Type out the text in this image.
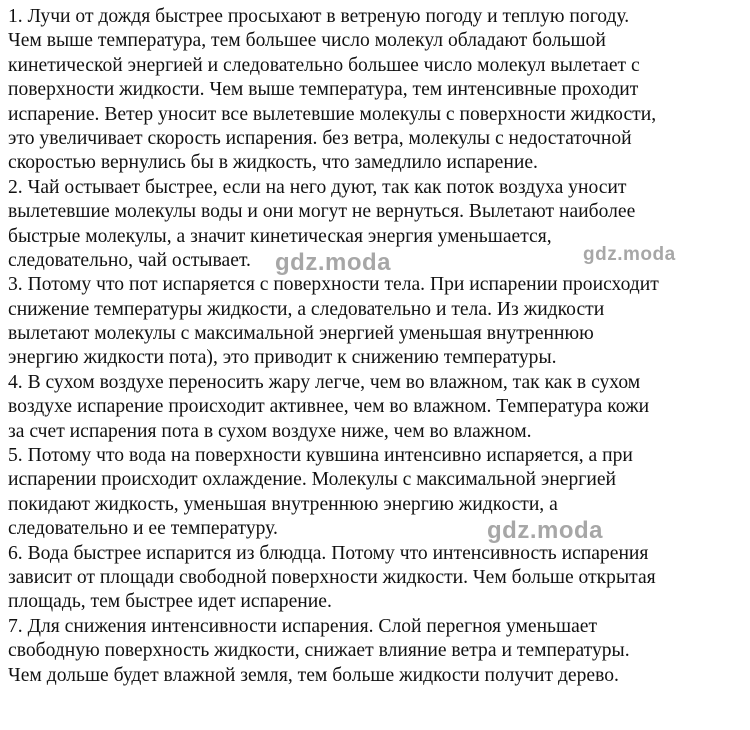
1. Лучи от дождя быстрее просыхают в ветреную погоду и теплую погоду.
Чем выше температура, тем большее число молекул обладают большой
кинетической энергией и следовательно большее число молекул вылетает с
поверхности жидкости. Чем выше температура, тем интенсивные проходит
испарение. Ветер уносит все вылетевшие молекулы с поверхности жидкости,
это увеличивает скорость испарения. без ветра, молекулы с недостаточной
скоростью вернулись бы в жидкость, что замедлило испарение.
2. Чай остывает быстрее, если на него дуют, так как поток воздуха уносит
вылетевшие молекулы воды и они могут не вернуться. Вылетают наиболее
быстрые молекулы, а значит кинетическая энергия уменьшается,
следовательно, чай остывает.
3. Потому что пот испаряется с поверхности тела. При испарении происходит
снижение температуры жидкости, а следовательно и тела. Из жидкости
вылетают молекулы с максимальной энергией уменьшая внутреннюю
энергию жидкости пота), это приводит к снижению температуры.
4. В сухом воздухе переносить жару легче, чем во влажном, так как в сухом
воздухе испарение происходит активнее, чем во влажном. Температура кожи
за счет испарения пота в сухом воздухе ниже, чем во влажном.
5. Потому что вода на поверхности кувшина интенсивно испаряется, а при
испарении происходит охлаждение. Молекулы с максимальной энергией
покидают жидкость, уменьшая внутреннюю энергию жидкости, а
следовательно и ее температуру.
6. Вода быстрее испарится из блюдца. Потому что интенсивность испарения
зависит от площади свободной поверхности жидкости. Чем больше открытая
площадь, тем быстрее идет испарение.
7. Для снижения интенсивности испарения. Слой перегноя уменьшает
свободную поверхность жидкости, снижает влияние ветра и температуры.
Чем дольше будет влажной земля, тем больше жидкости получит дерево.
gdz.moda	gdz.moda
gdz.moda
